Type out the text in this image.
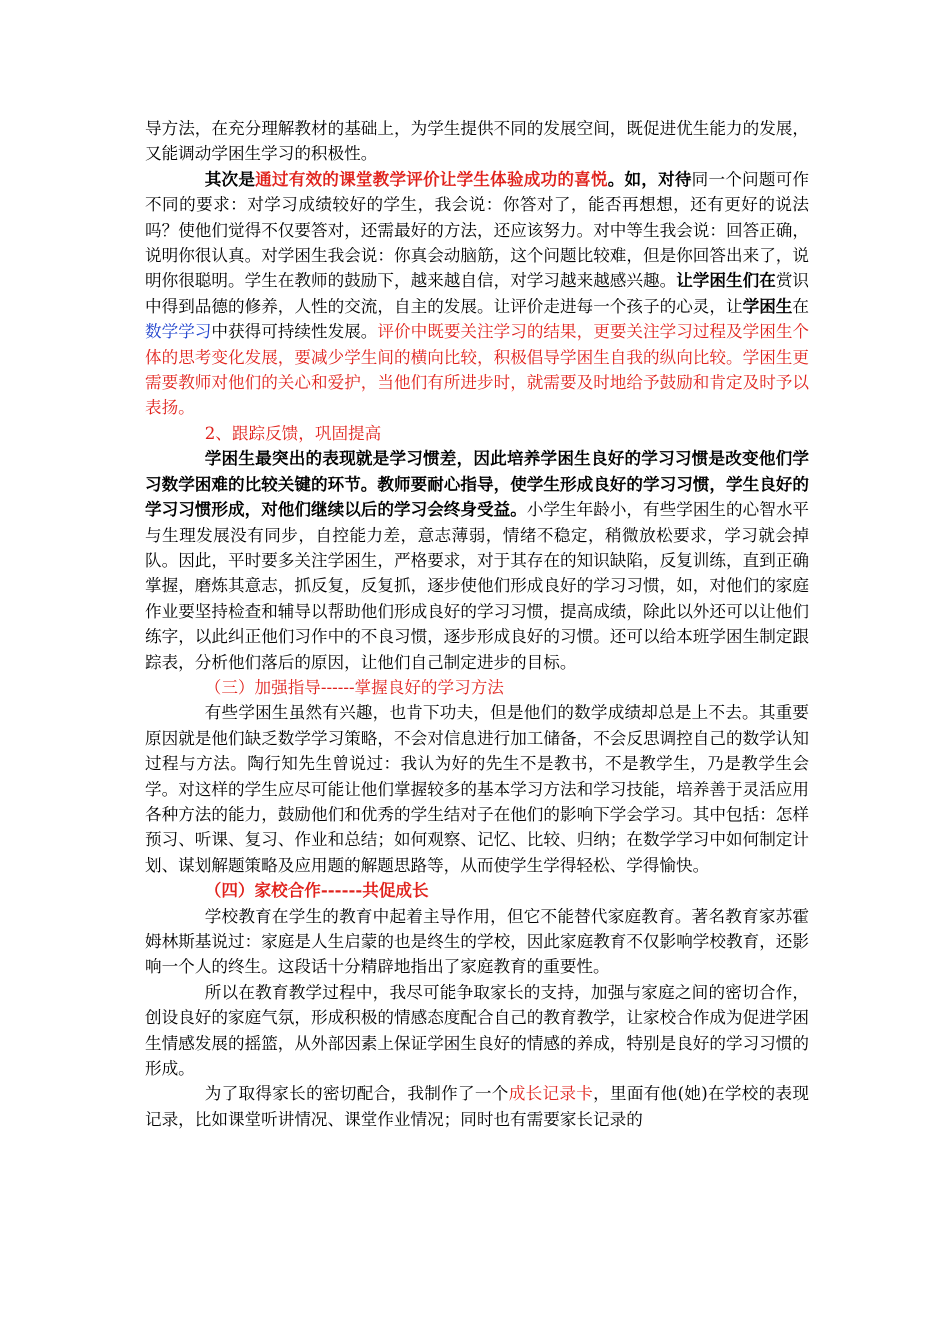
导方法，在充分理解教材的基础上，为学生提供不同的发展空间，既促进优生能力的发展，又能调动学困生学习的积极性。

其次是通过有效的课堂教学评价让学生体验成功的喜悦。如，对待同一个问题可作不同的要求：对学习成绩较好的学生，我会说：你答对了，能否再想想，还有更好的说法吗？使他们觉得不仅要答对，还需最好的方法，还应该努力。对中等生我会说：回答正确，说明你很认真。对学困生我会说：你真会动脑筋，这个问题比较难，但是你回答出来了，说明你很聪明。学生在教师的鼓励下，越来越自信，对学习越来越感兴趣。让学困生们在赏识中得到品德的修养，人性的交流，自主的发展。让评价走进每一个孩子的心灵，让学困生在数学学习中获得可持续性发展。评价中既要关注学习的结果，更要关注学习过程及学困生个体的思考变化发展，要减少学生间的横向比较，积极倡导学困生自我的纵向比较。学困生更需要教师对他们的关心和爱护，当他们有所进步时，就需要及时地给予鼓励和肯定及时予以表扬。

2、跟踪反馈，巩固提高

学困生最突出的表现就是学习惯差，因此培养学困生良好的学习习惯是改变他们学习数学困难的比较关键的环节。教师要耐心指导，使学生形成良好的学习习惯，学生良好的学习习惯形成，对他们继续以后的学习会终身受益。小学生年龄小，有些学困生的心智水平与生理发展没有同步，自控能力差，意志薄弱，情绪不稳定，稍微放松要求，学习就会掉队。因此，平时要多关注学困生，严格要求，对于其存在的知识缺陷，反复训练，直到正确掌握，磨炼其意志，抓反复，反复抓，逐步使他们形成良好的学习习惯，如，对他们的家庭作业要坚持检查和辅导以帮助他们形成良好的学习习惯，提高成绩，除此以外还可以让他们练字，以此纠正他们习作中的不良习惯，逐步形成良好的习惯。还可以给本班学困生制定跟踪表，分析他们落后的原因，让他们自己制定进步的目标。

（三）加强指导------掌握良好的学习方法

有些学困生虽然有兴趣，也肯下功夫，但是他们的数学成绩却总是上不去。其重要原因就是他们缺乏数学学习策略，不会对信息进行加工储备，不会反思调控自己的数学认知过程与方法。陶行知先生曾说过：我认为好的先生不是教书，不是教学生，乃是教学生会学。对这样的学生应尽可能让他们掌握较多的基本学习方法和学习技能，培养善于灵活应用各种方法的能力，鼓励他们和优秀的学生结对子在他们的影响下学会学习。其中包括：怎样预习、听课、复习、作业和总结；如何观察、记忆、比较、归纳；在数学学习中如何制定计划、谋划解题策略及应用题的解题思路等，从而使学生学得轻松、学得愉快。

（四）家校合作------共促成长

学校教育在学生的教育中起着主导作用，但它不能替代家庭教育。著名教育家苏霍姆林斯基说过：家庭是人生启蒙的也是终生的学校，因此家庭教育不仅影响学校教育，还影响一个人的终生。这段话十分精辟地指出了家庭教育的重要性。

所以在教育教学过程中，我尽可能争取家长的支持，加强与家庭之间的密切合作，创设良好的家庭气氛，形成积极的情感态度配合自己的教育教学，让家校合作成为促进学困生情感发展的摇篮，从外部因素上保证学困生良好的情感的养成，特别是良好的学习习惯的形成。

为了取得家长的密切配合，我制作了一个成长记录卡，里面有他(她)在学校的表现记录，比如课堂听讲情况、课堂作业情况；同时也有需要家长记录的
